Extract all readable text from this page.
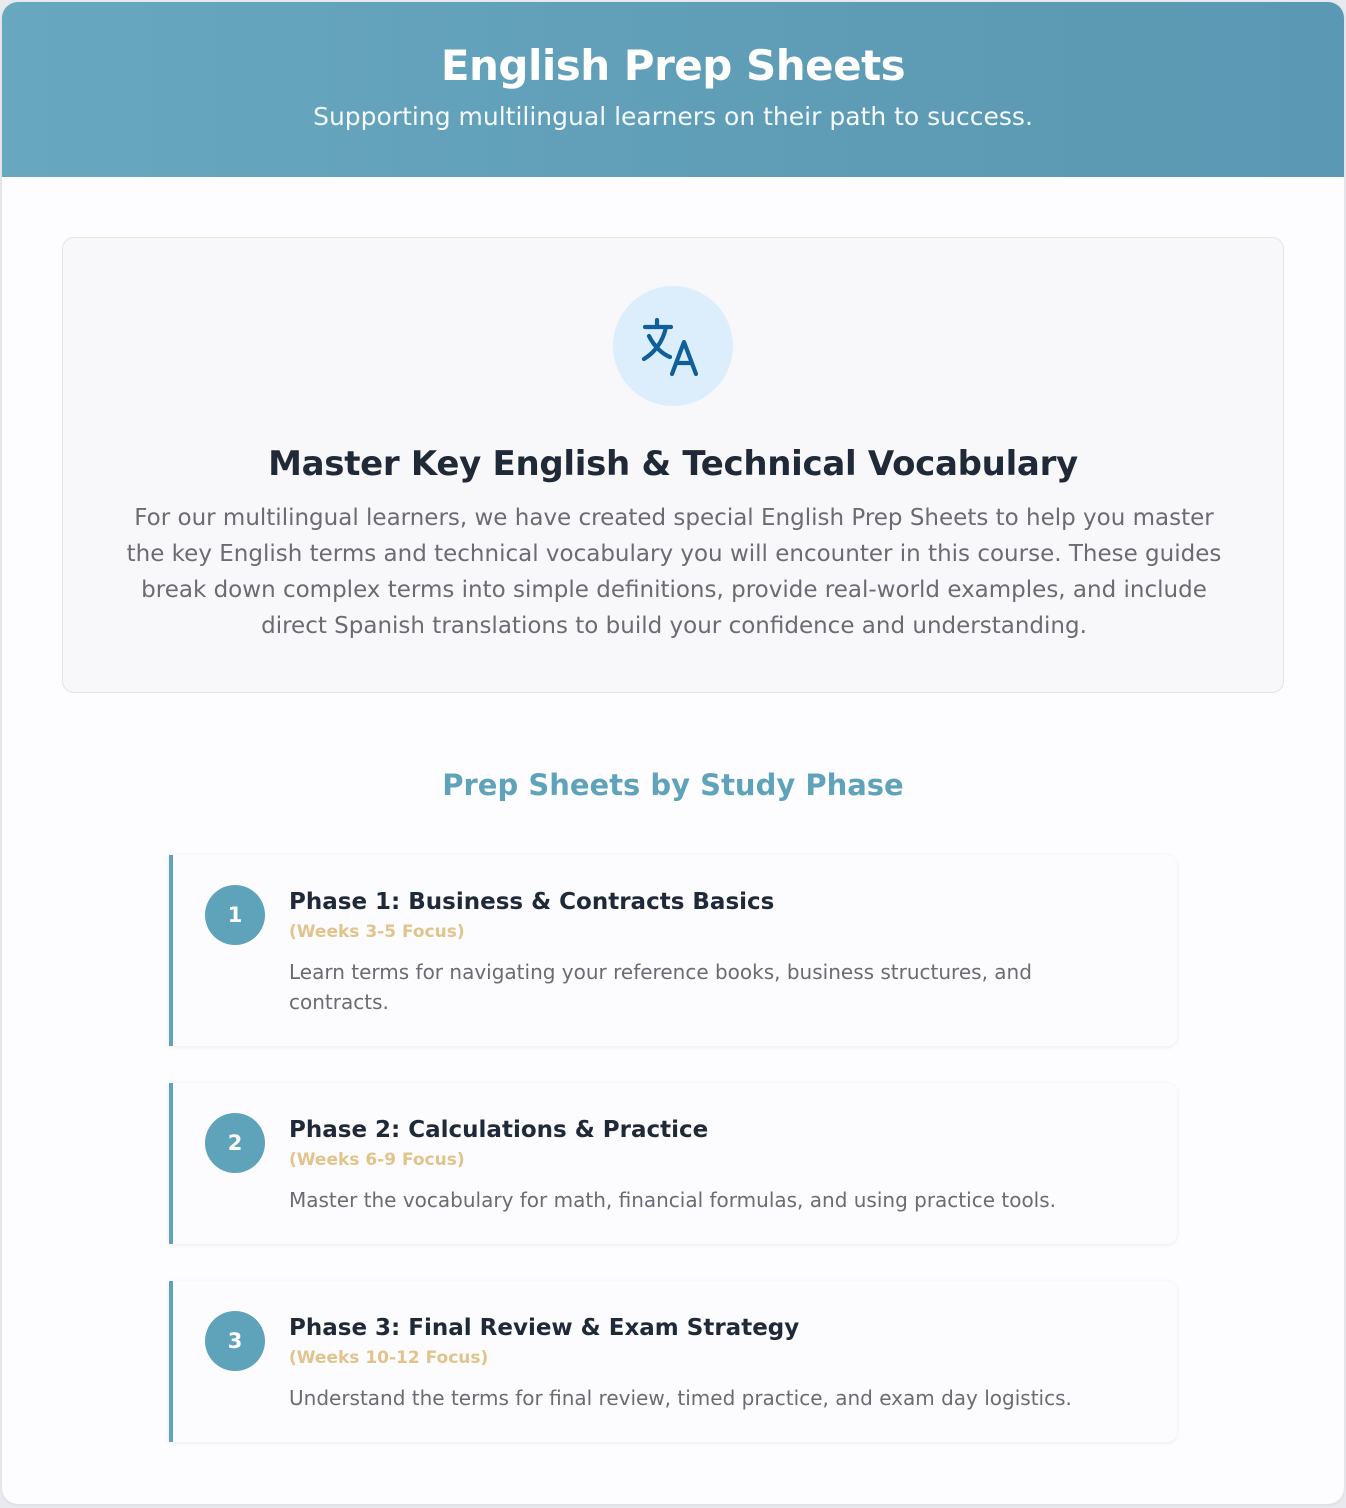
English Prep Sheets

Supporting multilingual learners on their path to success.

Master Key English & Technical Vocabulary

For our multilingual learners, we have created special English Prep Sheets to help you master the key English terms and technical vocabulary you will encounter in this course. These guides break down complex terms into simple definitions, provide real-world examples, and include direct Spanish translations to build your confidence and understanding.

Prep Sheets by Study Phase
1	Phase 1: Business & Contracts Basics
(Weeks 3-5 Focus)
Learn terms for navigating your reference books, business structures, and contracts.
2	Phase 2: Calculations & Practice
(Weeks 6-9 Focus)
Master the vocabulary for math, financial formulas, and using practice tools.
3	Phase 3: Final Review & Exam Strategy
(Weeks 10-12 Focus)
Understand the terms for final review, timed practice, and exam day logistics.
